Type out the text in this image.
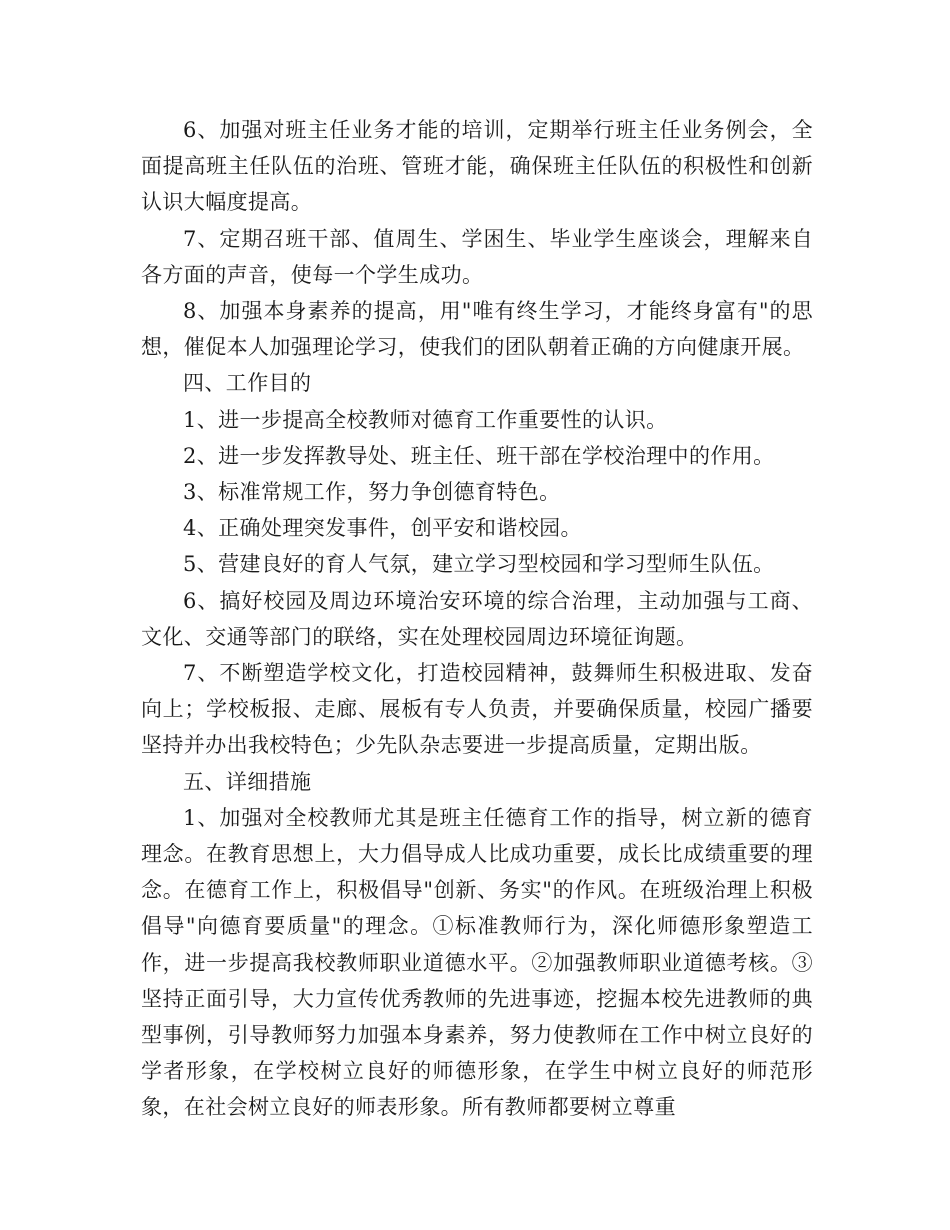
6、加强对班主任业务才能的培训，定期举行班主任业务例会，全面提高班主任队伍的治班、管班才能，确保班主任队伍的积极性和创新认识大幅度提高。

7、定期召班干部、值周生、学困生、毕业学生座谈会，理解来自各方面的声音，使每一个学生成功。

8、加强本身素养的提高，用"唯有终生学习，才能终身富有"的思想，催促本人加强理论学习，使我们的团队朝着正确的方向健康开展。

四、工作目的

1、进一步提高全校教师对德育工作重要性的认识。

2、进一步发挥教导处、班主任、班干部在学校治理中的作用。

3、标准常规工作，努力争创德育特色。

4、正确处理突发事件，创平安和谐校园。

5、营建良好的育人气氛，建立学习型校园和学习型师生队伍。

6、搞好校园及周边环境治安环境的综合治理，主动加强与工商、文化、交通等部门的联络，实在处理校园周边环境征询题。

7、不断塑造学校文化，打造校园精神，鼓舞师生积极进取、发奋向上；学校板报、走廊、展板有专人负责，并要确保质量，校园广播要坚持并办出我校特色；少先队杂志要进一步提高质量，定期出版。

五、详细措施

1、加强对全校教师尤其是班主任德育工作的指导，树立新的德育理念。在教育思想上，大力倡导成人比成功重要，成长比成绩重要的理念。在德育工作上，积极倡导"创新、务实"的作风。在班级治理上积极倡导"向德育要质量"的理念。①标准教师行为，深化师德形象塑造工作，进一步提高我校教师职业道德水平。②加强教师职业道德考核。③坚持正面引导，大力宣传优秀教师的先进事迹，挖掘本校先进教师的典型事例，引导教师努力加强本身素养，努力使教师在工作中树立良好的学者形象，在学校树立良好的师德形象，在学生中树立良好的师范形象，在社会树立良好的师表形象。所有教师都要树立尊重
